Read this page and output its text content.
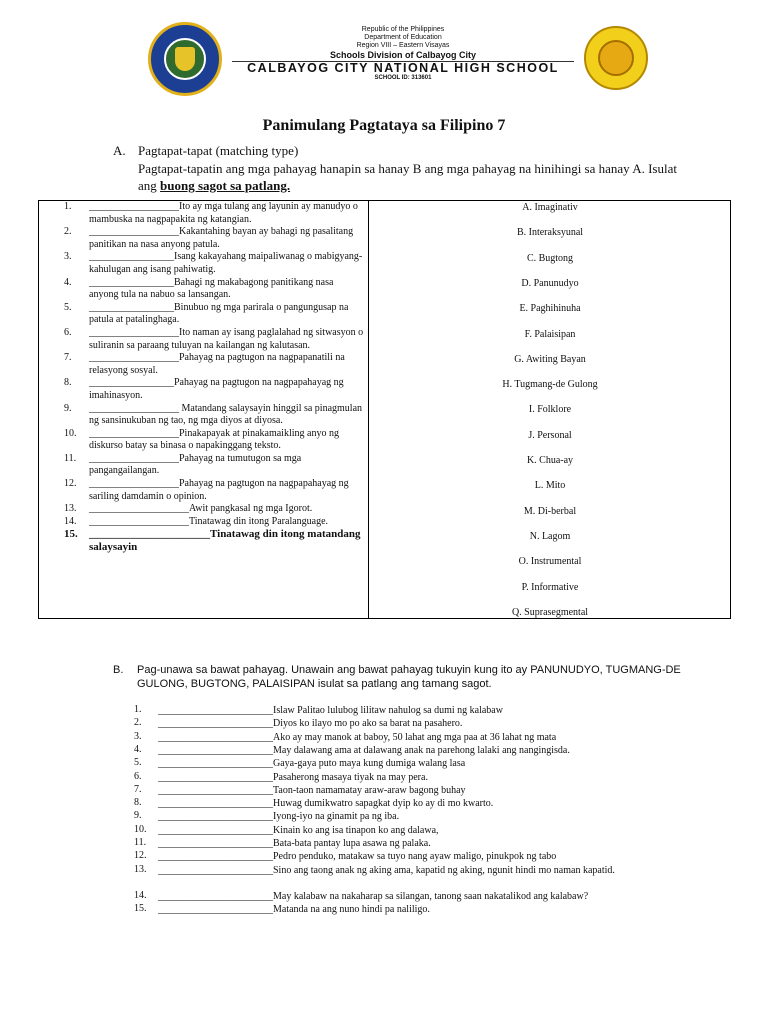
Republic of the Philippines
Department of Education
Region VIII – Eastern Visayas
Schools Division of Calbayog City
CALBAYOG CITY NATIONAL HIGH SCHOOL
SCHOOL ID: 313601
Panimulang Pagtataya sa Filipino 7
A. Pagtapat-tapat (matching type)
Pagtapat-tapatin ang mga pahayag hanapin sa hanay B ang mga pahayag na hinihingi sa hanay A. Isulat ang buong sagot sa patlang.
1. __________________Ito ay mga tulang ang layunin ay manudyo o mambuska na nagpapakita ng katangian.
2. __________________Kakantahing bayan ay bahagi ng pasalitang panitikan na nasa anyong patula.
3. _________________Isang kakayahang maipaliwanag o mabigyang-kahulugan ang isang pahiwatig.
4. _________________Bahagi ng makabagong panitikang nasa anyong tula na nabuo sa lansangan.
5. _________________Binubuo ng mga parirala o pangungusap na patula at patalinghaga.
6. __________________Ito naman ay isang paglalahad ng sitwasyon o suliranin sa paraang tuluyan na kailangan ng kalutasan.
7. __________________Pahayag na pagtugon na nagpapanatili na relasyong sosyal.
8. _________________Pahayag na pagtugon na nagpapahayag ng imahinasyon.
9. __________________ Matandang salaysayin hinggil sa pinagmulan ng sansinukuban ng tao, ng mga diyos at diyosa.
10. __________________Pinakapayak at pinakamaikling anyo ng diskurso batay sa binasa o napakinggang teksto.
11. __________________Pahayag na tumutugon sa mga pangangailangan.
12. __________________Pahayag na pagtugon na nagpapahayag ng sariling damdamin o opinion.
13. ____________________Awit pangkasal ng mga Igorot.
14. ____________________Tinatawag din itong Paralanguage.
15. ______________________Tinatawag din itong matandang salaysayin
A. Imaginativ
B. Interaksyunal
C. Bugtong
D. Panunudyo
E. Paghihinuha
F. Palaisipan
G. Awiting Bayan
H. Tugmang-de Gulong
I. Folklore
J. Personal
K. Chua-ay
L. Mito
M. Di-berbal
N. Lagom
O. Instrumental
P. Informative
Q. Suprasegmental
B. Pag-unawa sa bawat pahayag. Unawain ang bawat pahayag tukuyin kung ito ay PANUNUDYO, TUGMANG-DE GULONG, BUGTONG, PALAISIPAN isulat sa patlang ang tamang sagot.
1. _______________________Islaw Palitao lulubog lilitaw nahulog sa dumi ng kalabaw
2. _______________________Diyos ko ilayo mo po ako sa barat na pasahero.
3. _______________________Ako ay may manok at baboy, 50 lahat ang mga paa at 36 lahat ng mata
4. _______________________May dalawang ama at dalawang anak na parehong lalaki ang nangingisda.
5. _______________________Gaya-gaya puto maya kung dumiga walang lasa
6. _______________________Pasaherong masaya tiyak na may pera.
7. _______________________Taon-taon namamatay araw-araw bagong buhay
8. _______________________Huwag dumikwatro sapagkat dyip ko ay di mo kwarto.
9. _______________________Iyong-iyo na ginamit pa ng iba.
10. _______________________Kinain ko ang isa tinapon ko ang dalawa,
11. _______________________Bata-bata pantay lupa asawa ng palaka.
12. _______________________Pedro penduko, matakaw sa tuyo nang ayaw maligo, pinukpok ng tabo
13. _______________________Sino ang taong anak ng aking ama, kapatid ng aking, ngunit hindi mo naman kapatid.
14. _______________________May kalabaw na nakaharap sa silangan, tanong saan nakatalikod ang kalabaw?
15. _______________________Matanda na ang nuno hindi pa naliligo.
